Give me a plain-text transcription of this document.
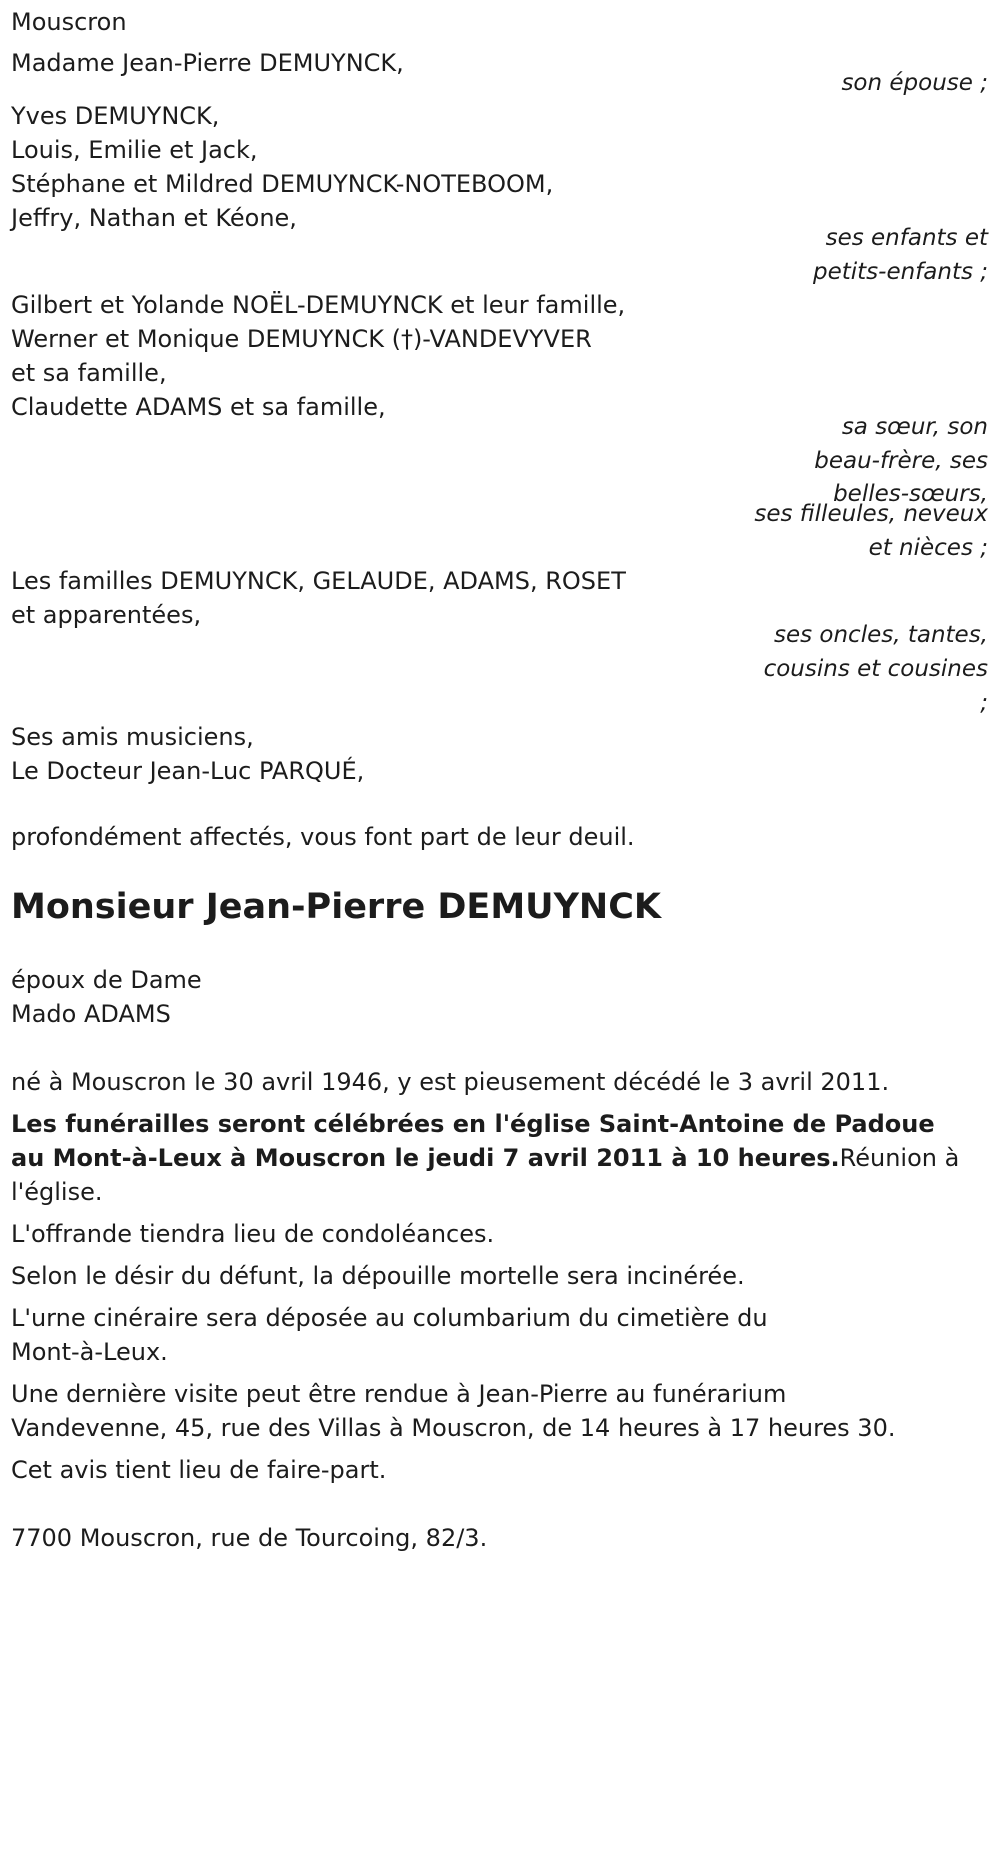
Mouscron
Madame Jean-Pierre DEMUYNCK,
son épouse ;
Yves DEMUYNCK,
Louis, Emilie et Jack,
Stéphane et Mildred DEMUYNCK-NOTEBOOM,
Jeffry, Nathan et Kéone,
ses enfants et
petits-enfants ;
Gilbert et Yolande NOËL-DEMUYNCK et leur famille,
Werner et Monique DEMUYNCK (†)-VANDEVYVER
et sa famille,
Claudette ADAMS et sa famille,
sa sœur, son
beau-frère, ses
belles-sœurs,
ses filleules, neveux
et nièces ;
Les familles DEMUYNCK, GELAUDE, ADAMS, ROSET
et apparentées,
ses oncles, tantes,
cousins et cousines
;
Ses amis musiciens,
Le Docteur Jean-Luc PARQUÉ,
profondément affectés, vous font part de leur deuil.
Monsieur Jean-Pierre DEMUYNCK
époux de Dame
Mado ADAMS
né à Mouscron le 30 avril 1946, y est pieusement décédé le 3 avril 2011.
Les funérailles seront célébrées en l'église Saint-Antoine de Padoue
au Mont-à-Leux à Mouscron le jeudi 7 avril 2011 à 10 heures.Réunion à
l'église.
L'offrande tiendra lieu de condoléances.
Selon le désir du défunt, la dépouille mortelle sera incinérée.
L'urne cinéraire sera déposée au columbarium du cimetière du
Mont-à-Leux.
Une dernière visite peut être rendue à Jean-Pierre au funérarium
Vandevenne, 45, rue des Villas à Mouscron, de 14 heures à 17 heures 30.
Cet avis tient lieu de faire-part.
7700 Mouscron, rue de Tourcoing, 82/3.
